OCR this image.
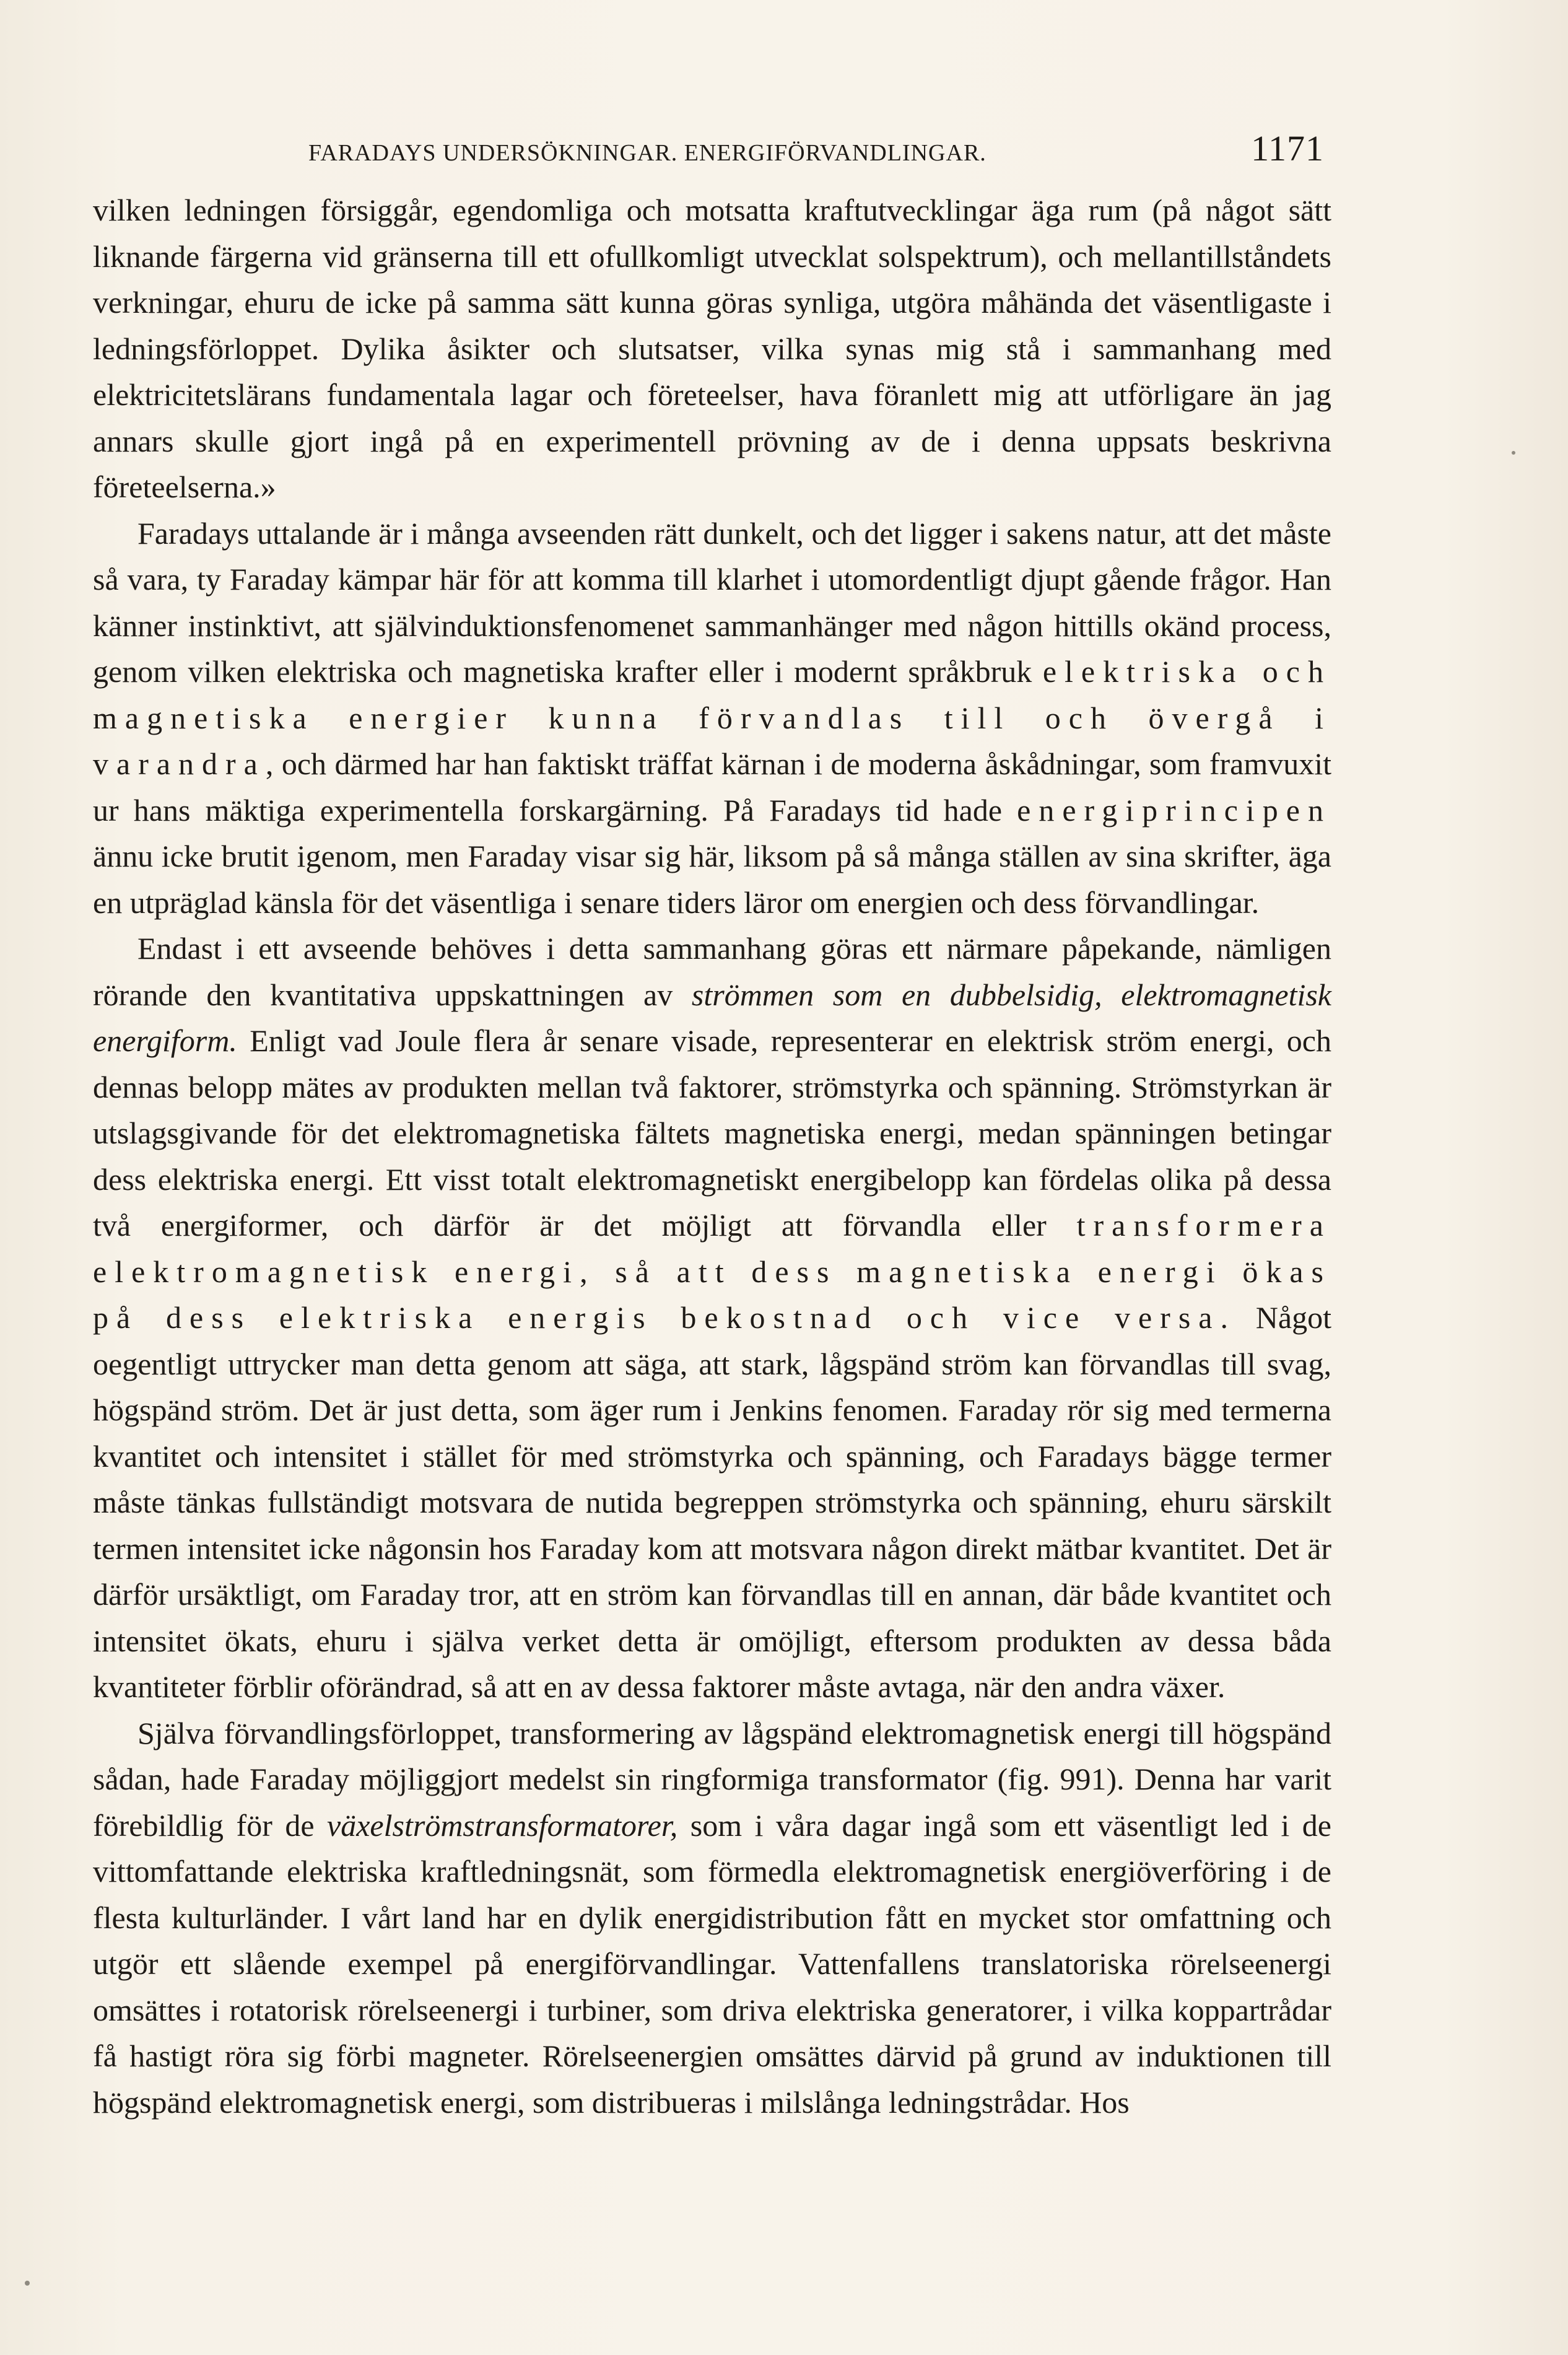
FARADAYS UNDERSÖKNINGAR. ENERGIFÖRVANDLINGAR.	1171

vilken ledningen försiggår, egendomliga och motsatta kraftutvecklingar äga rum (på något sätt liknande färgerna vid gränserna till ett ofullkomligt utvecklat solspektrum), och mellantillståndets verkningar, ehuru de icke på samma sätt kunna göras synliga, utgöra måhända det väsentligaste i ledningsförloppet. Dylika åsikter och slutsatser, vilka synas mig stå i sammanhang med elektricitetslärans fundamentala lagar och företeelser, hava föranlett mig att utförligare än jag annars skulle gjort ingå på en experimentell prövning av de i denna uppsats beskrivna företeelserna.»

Faradays uttalande är i många avseenden rätt dunkelt, och det ligger i sakens natur, att det måste så vara, ty Faraday kämpar här för att komma till klarhet i utomordentligt djupt gående frågor. Han känner instinktivt, att självinduktionsfenomenet sammanhänger med någon hittills okänd process, genom vilken elektriska och magnetiska krafter eller i modernt språkbruk elektriska och magnetiska energier kunna förvandlas till och övergå i varandra, och därmed har han faktiskt träffat kärnan i de moderna åskådningar, som framvuxit ur hans mäktiga experimentella forskargärning. På Faradays tid hade energiprincipen ännu icke brutit igenom, men Faraday visar sig här, liksom på så många ställen av sina skrifter, äga en utpräglad känsla för det väsentliga i senare tiders läror om energien och dess förvandlingar.

Endast i ett avseende behöves i detta sammanhang göras ett närmare påpekande, nämligen rörande den kvantitativa uppskattningen av strömmen som en dubbelsidig, elektromagnetisk energiform. Enligt vad Joule flera år senare visade, representerar en elektrisk ström energi, och dennas belopp mätes av produkten mellan två faktorer, strömstyrka och spänning. Strömstyrkan är utslagsgivande för det elektromagnetiska fältets magnetiska energi, medan spänningen betingar dess elektriska energi. Ett visst totalt elektromagnetiskt energibelopp kan fördelas olika på dessa två energiformer, och därför är det möjligt att förvandla eller transformera elektromagnetisk energi, så att dess magnetiska energi ökas på dess elektriska energis bekostnad och vice versa. Något oegentligt uttrycker man detta genom att säga, att stark, lågspänd ström kan förvandlas till svag, högspänd ström. Det är just detta, som äger rum i Jenkins fenomen. Faraday rör sig med termerna kvantitet och intensitet i stället för med strömstyrka och spänning, och Faradays bägge termer måste tänkas fullständigt motsvara de nutida begreppen strömstyrka och spänning, ehuru särskilt termen intensitet icke någonsin hos Faraday kom att motsvara någon direkt mätbar kvantitet. Det är därför ursäktligt, om Faraday tror, att en ström kan förvandlas till en annan, där både kvantitet och intensitet ökats, ehuru i själva verket detta är omöjligt, eftersom produkten av dessa båda kvantiteter förblir oförändrad, så att en av dessa faktorer måste avtaga, när den andra växer.

Själva förvandlingsförloppet, transformering av lågspänd elektromagnetisk energi till högspänd sådan, hade Faraday möjliggjort medelst sin ringformiga transformator (fig. 991). Denna har varit förebildlig för de växelströmstransformatorer, som i våra dagar ingå som ett väsentligt led i de vittomfattande elektriska kraftledningsnät, som förmedla elektromagnetisk energiöverföring i de flesta kulturländer. I vårt land har en dylik energidistribution fått en mycket stor omfattning och utgör ett slående exempel på energiförvandlingar. Vattenfallens translatoriska rörelseenergi omsättes i rotatorisk rörelseenergi i turbiner, som driva elektriska generatorer, i vilka koppartrådar få hastigt röra sig förbi magneter. Rörelseenergien omsättes därvid på grund av induktionen till högspänd elektromagnetisk energi, som distribueras i milslånga ledningstrådar. Hos
